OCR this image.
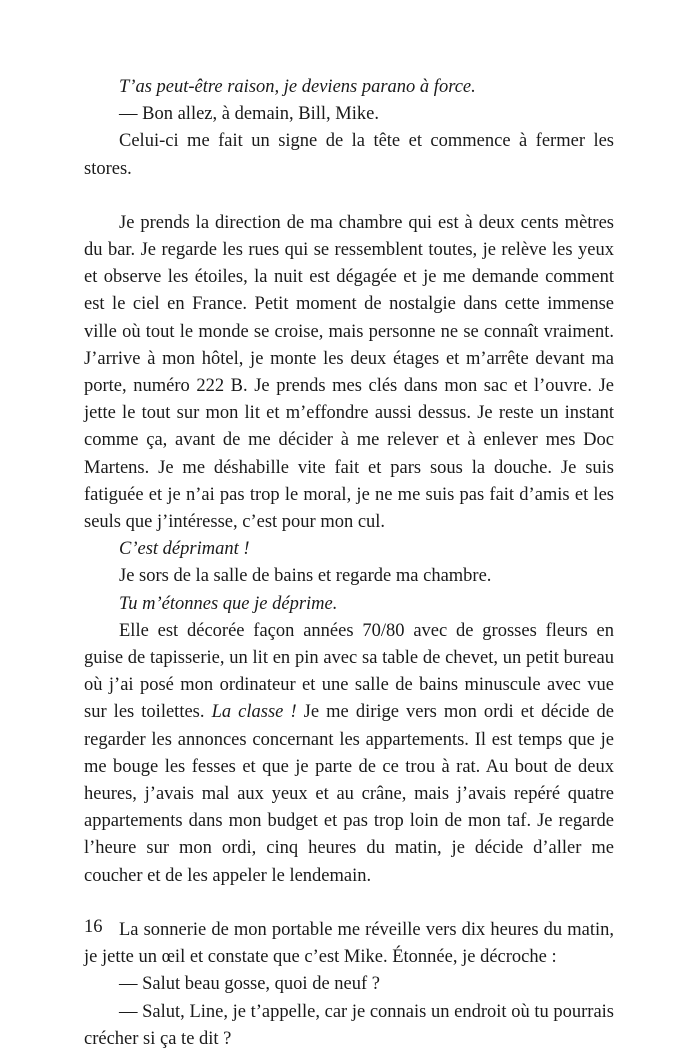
T’as peut-être raison, je deviens parano à force.

— Bon allez, à demain, Bill, Mike.

Celui-ci me fait un signe de la tête et commence à fermer les stores.

Je prends la direction de ma chambre qui est à deux cents mètres du bar. Je regarde les rues qui se ressemblent toutes, je relève les yeux et observe les étoiles, la nuit est dégagée et je me demande comment est le ciel en France. Petit moment de nostalgie dans cette immense ville où tout le monde se croise, mais personne ne se connaît vraiment. J’arrive à mon hôtel, je monte les deux étages et m’arrête devant ma porte, numéro 222 B. Je prends mes clés dans mon sac et l’ouvre. Je jette le tout sur mon lit et m’effondre aussi dessus. Je reste un instant comme ça, avant de me décider à me relever et à enlever mes Doc Martens. Je me déshabille vite fait et pars sous la douche. Je suis fatiguée et je n’ai pas trop le moral, je ne me suis pas fait d’amis et les seuls que j’intéresse, c’est pour mon cul.

C’est déprimant !

Je sors de la salle de bains et regarde ma chambre.

Tu m’étonnes que je déprime.

Elle est décorée façon années 70/80 avec de grosses fleurs en guise de tapisserie, un lit en pin avec sa table de chevet, un petit bureau où j’ai posé mon ordinateur et une salle de bains minuscule avec vue sur les toilettes. La classe ! Je me dirige vers mon ordi et décide de regarder les annonces concernant les appartements. Il est temps que je me bouge les fesses et que je parte de ce trou à rat. Au bout de deux heures, j’avais mal aux yeux et au crâne, mais j’avais repéré quatre appartements dans mon budget et pas trop loin de mon taf. Je regarde l’heure sur mon ordi, cinq heures du matin, je décide d’aller me coucher et de les appeler le lendemain.

La sonnerie de mon portable me réveille vers dix heures du matin, je jette un œil et constate que c’est Mike. Étonnée, je décroche :

— Salut beau gosse, quoi de neuf ?

— Salut, Line, je t’appelle, car je connais un endroit où tu pourrais crécher si ça te dit ?

16
